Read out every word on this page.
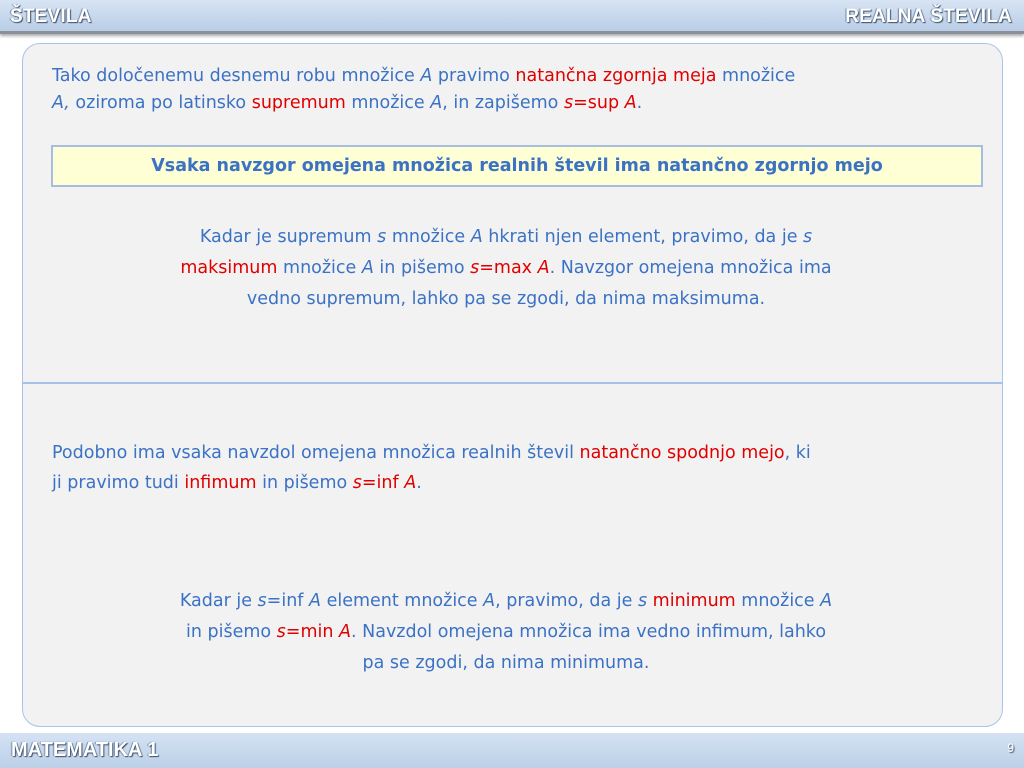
ŠTEVILA	REALNA ŠTEVILA

Tako določenemu desnemu robu množice A pravimo natančna zgornja meja množice
A, oziroma po latinsko supremum množice A, in zapišemo s=sup A.

Vsaka navzgor omejena množica realnih števil ima natančno zgornjo mejo

Kadar je supremum s množice A hkrati njen element, pravimo, da je s
maksimum množice A in pišemo s=max A. Navzgor omejena množica ima
vedno supremum, lahko pa se zgodi, da nima maksimuma.

Podobno ima vsaka navzdol omejena množica realnih števil natančno spodnjo mejo, ki
ji pravimo tudi infimum in pišemo s=inf A.

Kadar je s=inf A element množice A, pravimo, da je s minimum množice A
in pišemo s=min A. Navzdol omejena množica ima vedno infimum, lahko
pa se zgodi, da nima minimuma.

MATEMATIKA 1	9
